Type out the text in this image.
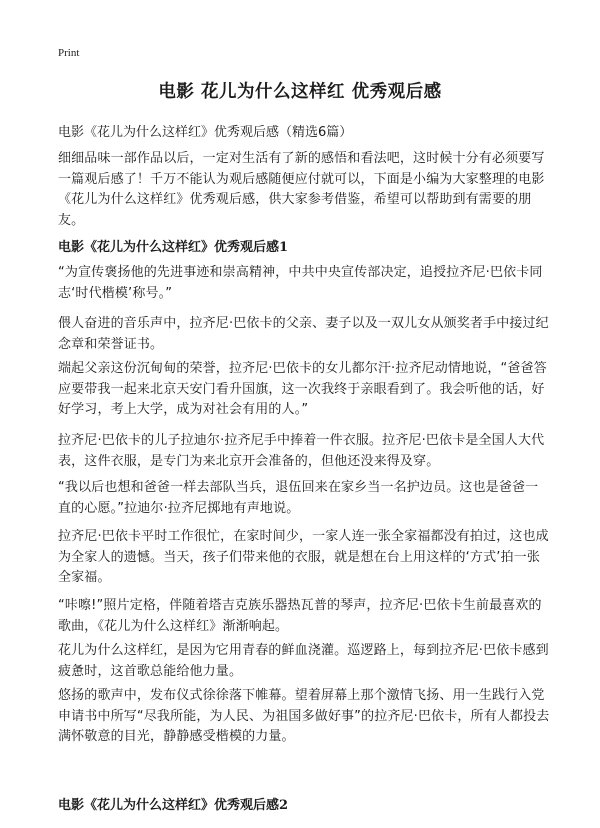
Print
电影 花儿为什么这样红 优秀观后感

电影《花儿为什么这样红》优秀观后感（精选6篇）

细细品味一部作品以后，一定对生活有了新的感悟和看法吧，这时候十分有必须要写一篇观后感了！千万不能认为观后感随便应付就可以，下面是小编为大家整理的电影《花儿为什么这样红》优秀观后感，供大家参考借鉴，希望可以帮助到有需要的朋友。

电影《花儿为什么这样红》优秀观后感1

“为宣传褒扬他的先进事迹和崇高精神，中共中央宣传部决定，追授拉齐尼·巴依卡同志‘时代楷模’称号。”

偎人奋进的音乐声中，拉齐尼·巴依卡的父亲、妻子以及一双儿女从颁奖者手中接过纪念章和荣誉证书。

端起父亲这份沉甸甸的荣誉，拉齐尼·巴依卡的女儿都尔汗·拉齐尼动情地说，“爸爸答应要带我一起来北京天安门看升国旗，这一次我终于亲眼看到了。我会听他的话，好好学习，考上大学，成为对社会有用的人。”

拉齐尼·巴依卡的儿子拉迪尔·拉齐尼手中捧着一件衣服。拉齐尼·巴依卡是全国人大代表，这件衣服，是专门为来北京开会准备的，但他还没来得及穿。

“我以后也想和爸爸一样去部队当兵，退伍回来在家乡当一名护边员。这也是爸爸一直的心愿。”拉迪尔·拉齐尼掷地有声地说。

拉齐尼·巴依卡平时工作很忙，在家时间少，一家人连一张全家福都没有拍过，这也成为全家人的遗憾。当天，孩子们带来他的衣服，就是想在台上用这样的‘方式’拍一张全家福。

“咔嚓!”照片定格，伴随着塔吉克族乐器热瓦普的琴声，拉齐尼·巴依卡生前最喜欢的歌曲，《花儿为什么这样红》渐渐响起。

花儿为什么这样红，是因为它用青春的鲜血浇灌。巡逻路上，每到拉齐尼·巴依卡感到疲惫时，这首歌总能给他力量。

悠扬的歌声中，发布仪式徐徐落下帷幕。望着屏幕上那个激情飞扬、用一生践行入党申请书中所写“尽我所能，为人民、为祖国多做好事”的拉齐尼·巴依卡，所有人都投去满怀敬意的目光，静静感受楷模的力量。

电影《花儿为什么这样红》优秀观后感2
